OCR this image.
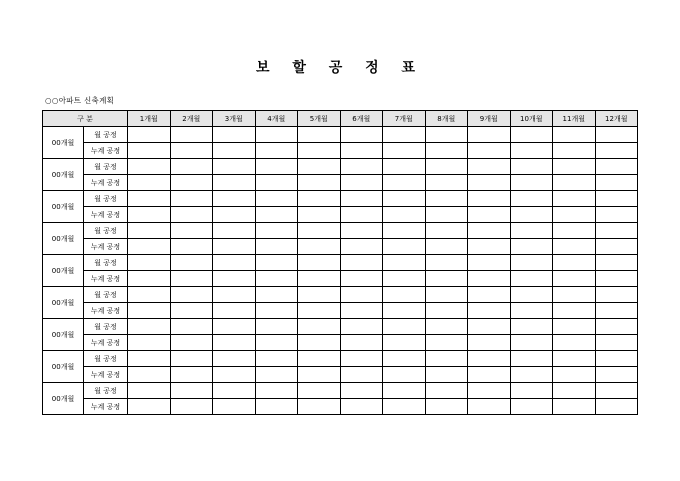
보 할 공 정 표
○○아파트 신축계획
구 분		1개월	2개월	3개월	4개월	5개월	6개월	7개월	8개월	9개월	10개월	11개월	12개월
00개월	월 공정												
	누계 공정												
00개월	월 공정												
	누계 공정												
00개월	월 공정												
	누계 공정												
00개월	월 공정												
	누계 공정												
00개월	월 공정												
	누계 공정												
00개월	월 공정												
	누계 공정												
00개월	월 공정												
	누계 공정												
00개월	월 공정												
	누계 공정												
00개월	월 공정												
	누계 공정												
